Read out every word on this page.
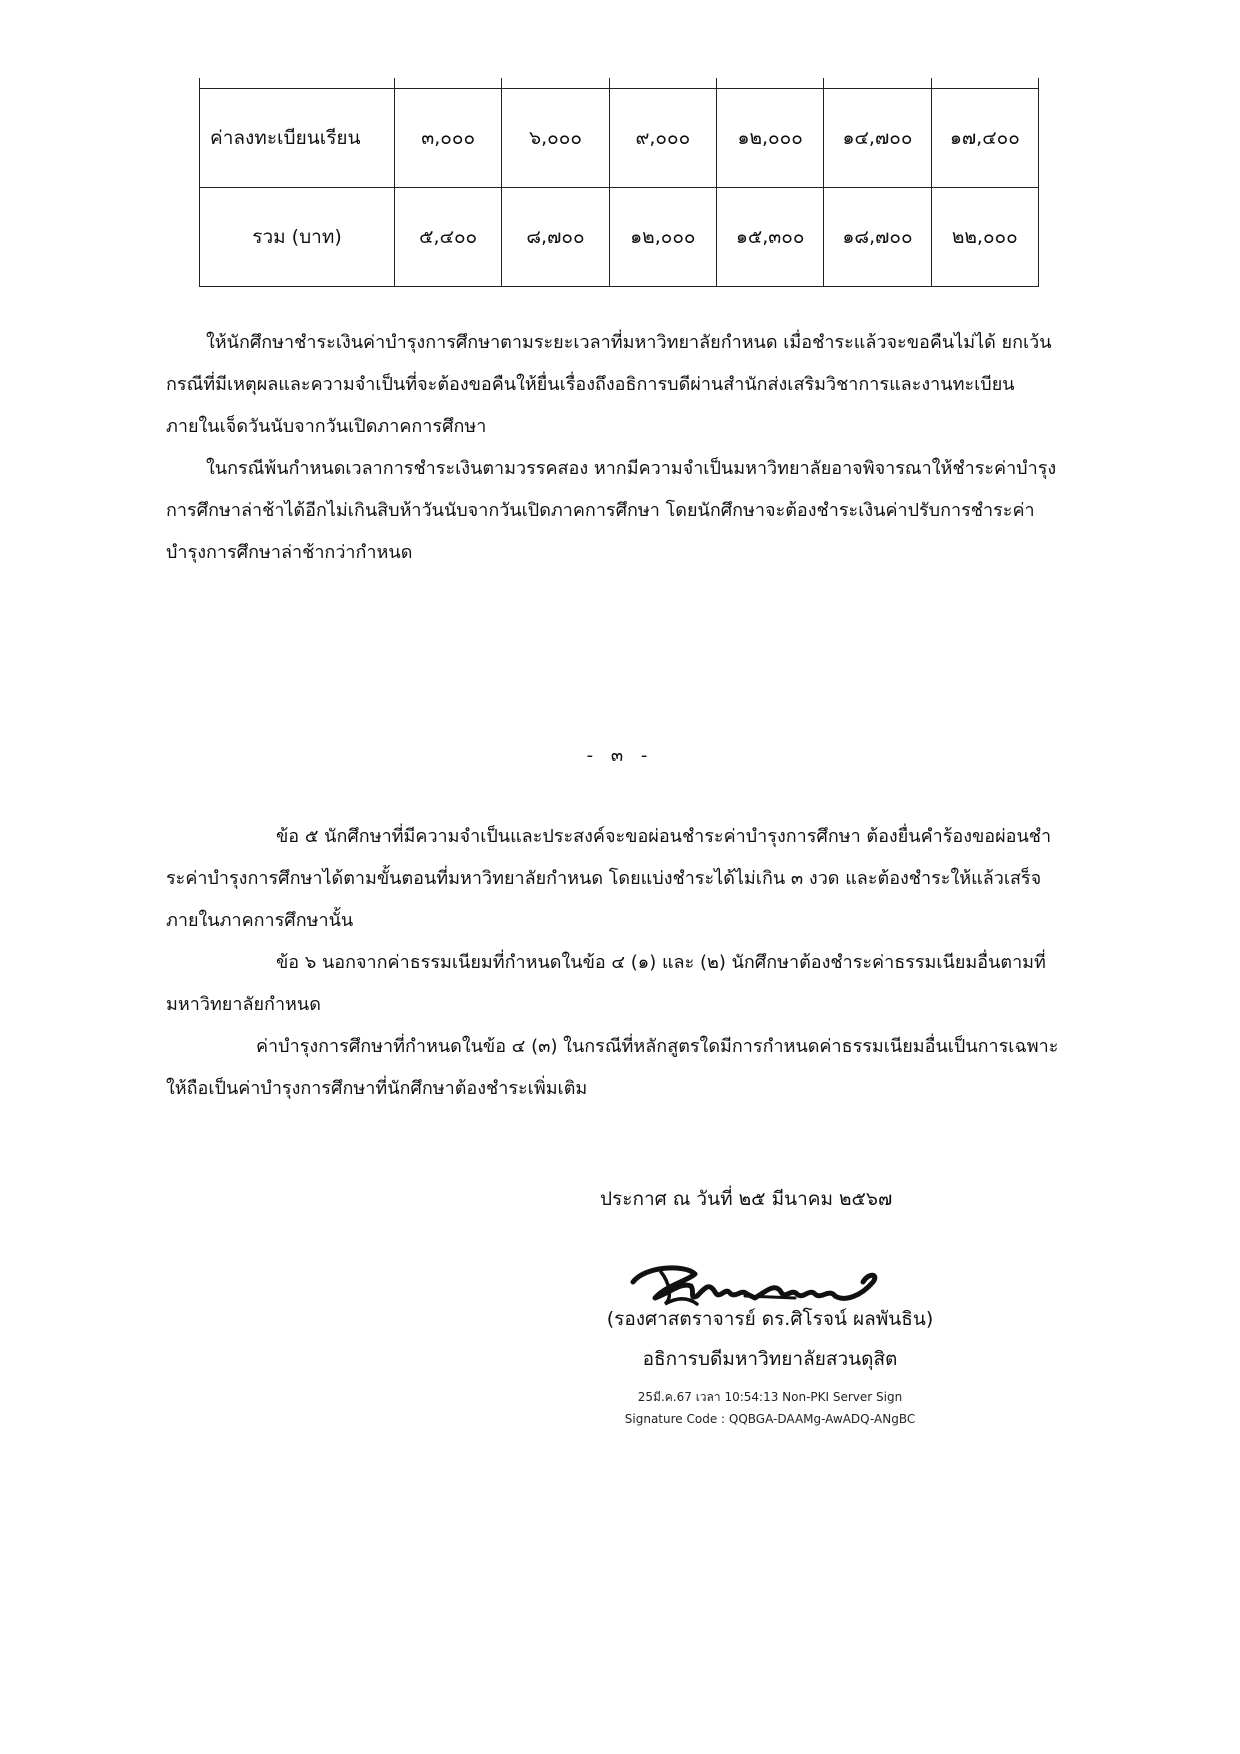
ค่าลงทะเบียนเรียน	๓,๐๐๐	๖,๐๐๐	๙,๐๐๐	๑๒,๐๐๐	๑๔,๗๐๐	๑๗,๔๐๐
รวม (บาท)	๕,๔๐๐	๘,๗๐๐	๑๒,๐๐๐	๑๕,๓๐๐	๑๘,๗๐๐	๒๒,๐๐๐
ให้นักศึกษาชำระเงินค่าบำรุงการศึกษาตามระยะเวลาที่มหาวิทยาลัยกำหนด เมื่อชำระแล้วจะขอคืนไม่ได้ ยกเว้น
กรณีที่มีเหตุผลและความจำเป็นที่จะต้องขอคืนให้ยื่นเรื่องถึงอธิการบดีผ่านสำนักส่งเสริมวิชาการและงานทะเบียน
ภายในเจ็ดวันนับจากวันเปิดภาคการศึกษา
ในกรณีพ้นกำหนดเวลาการชำระเงินตามวรรคสอง หากมีความจำเป็นมหาวิทยาลัยอาจพิจารณาให้ชำระค่าบำรุง
การศึกษาล่าช้าได้อีกไม่เกินสิบห้าวันนับจากวันเปิดภาคการศึกษา โดยนักศึกษาจะต้องชำระเงินค่าปรับการชำระค่า
บำรุงการศึกษาล่าช้ากว่ากำหนด
- ๓ -
ข้อ ๕ นักศึกษาที่มีความจำเป็นและประสงค์จะขอผ่อนชำระค่าบำรุงการศึกษา ต้องยื่นคำร้องขอผ่อนชำ
ระค่าบำรุงการศึกษาได้ตามขั้นตอนที่มหาวิทยาลัยกำหนด โดยแบ่งชำระได้ไม่เกิน ๓ งวด และต้องชำระให้แล้วเสร็จ
ภายในภาคการศึกษานั้น
ข้อ ๖ นอกจากค่าธรรมเนียมที่กำหนดในข้อ ๔ (๑) และ (๒) นักศึกษาต้องชำระค่าธรรมเนียมอื่นตามที่
มหาวิทยาลัยกำหนด
ค่าบำรุงการศึกษาที่กำหนดในข้อ ๔ (๓) ในกรณีที่หลักสูตรใดมีการกำหนดค่าธรรมเนียมอื่นเป็นการเฉพาะ
ให้ถือเป็นค่าบำรุงการศึกษาที่นักศึกษาต้องชำระเพิ่มเติม
ประกาศ ณ วันที่ ๒๕ มีนาคม ๒๕๖๗
(รองศาสตราจารย์ ดร.ศิโรจน์ ผลพันธิน)
อธิการบดีมหาวิทยาลัยสวนดุสิต
25มี.ค.67 เวลา 10:54:13 Non-PKI Server Sign
Signature Code : QQBGA-DAAMg-AwADQ-ANgBC
